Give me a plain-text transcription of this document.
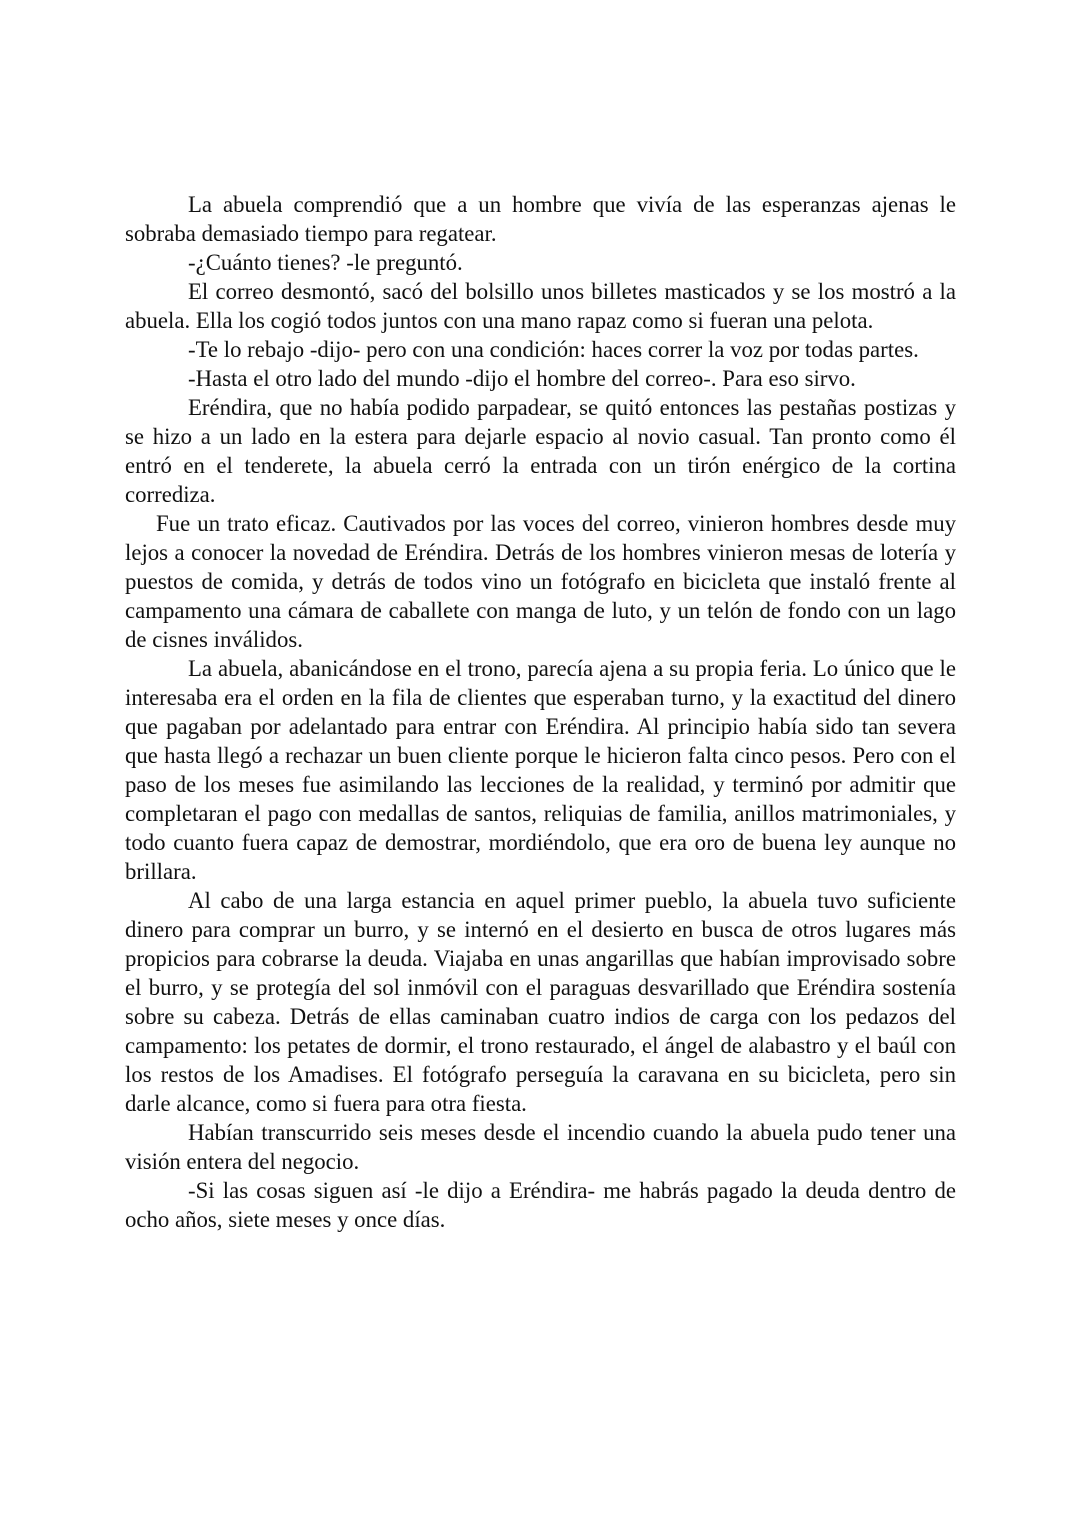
La abuela comprendió que a un hombre que vivía de las esperanzas ajenas le sobraba demasiado tiempo para regatear.

-¿Cuánto tienes? -le preguntó.

El correo desmontó, sacó del bolsillo unos billetes masticados y se los mostró a la abuela. Ella los cogió todos juntos con una mano rapaz como si fueran una pelota.

-Te lo rebajo -dijo- pero con una condición: haces correr la voz por todas partes.

-Hasta el otro lado del mundo -dijo el hombre del correo-. Para eso sirvo.

Eréndira, que no había podido parpadear, se quitó entonces las pestañas postizas y se hizo a un lado en la estera para dejarle espacio al novio casual. Tan pronto como él entró en el tenderete, la abuela cerró la entrada con un tirón enérgico de la cortina corrediza.

Fue un trato eficaz. Cautivados por las voces del correo, vinieron hombres desde muy lejos a conocer la novedad de Eréndira. Detrás de los hombres vinieron mesas de lotería y puestos de comida, y detrás de todos vino un fotógrafo en bicicleta que instaló frente al campamento una cámara de caballete con manga de luto, y un telón de fondo con un lago de cisnes inválidos.

La abuela, abanicándose en el trono, parecía ajena a su propia feria. Lo único que le interesaba era el orden en la fila de clientes que esperaban turno, y la exactitud del dinero que pagaban por adelantado para entrar con Eréndira. Al principio había sido tan severa que hasta llegó a rechazar un buen cliente porque le hicieron falta cinco pesos. Pero con el paso de los meses fue asimilando las lecciones de la realidad, y terminó por admitir que completaran el pago con medallas de santos, reliquias de familia, anillos matrimoniales, y todo cuanto fuera capaz de demostrar, mordiéndolo, que era oro de buena ley aunque no brillara.

Al cabo de una larga estancia en aquel primer pueblo, la abuela tuvo suficiente dinero para comprar un burro, y se internó en el desierto en busca de otros lugares más propicios para cobrarse la deuda. Viajaba en unas angarillas que habían improvisado sobre el burro, y se protegía del sol inmóvil con el paraguas desvarillado que Eréndira sostenía sobre su cabeza. Detrás de ellas caminaban cuatro indios de carga con los pedazos del campamento: los petates de dormir, el trono restaurado, el ángel de alabastro y el baúl con los restos de los Amadises. El fotógrafo perseguía la caravana en su bicicleta, pero sin darle alcance, como si fuera para otra fiesta.

Habían transcurrido seis meses desde el incendio cuando la abuela pudo tener una visión entera del negocio.

-Si las cosas siguen así -le dijo a Eréndira- me habrás pagado la deuda dentro de ocho años, siete meses y once días.
